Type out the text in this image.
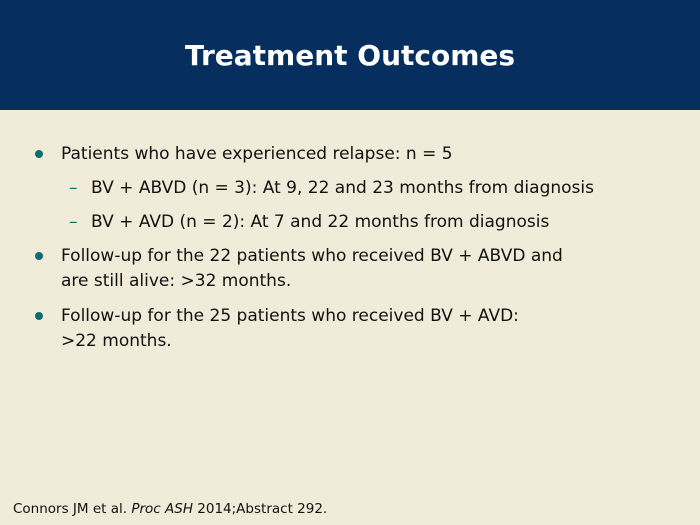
Treatment Outcomes
Patients who have experienced relapse: n = 5
– BV + ABVD (n = 3): At 9, 22 and 23 months from diagnosis
– BV + AVD (n = 2): At 7 and 22 months from diagnosis
Follow-up for the 22 patients who received BV + ABVD and
are still alive: >32 months.
Follow-up for the 25 patients who received BV + AVD:
>22 months.
Connors JM et al. Proc ASH 2014;Abstract 292.
